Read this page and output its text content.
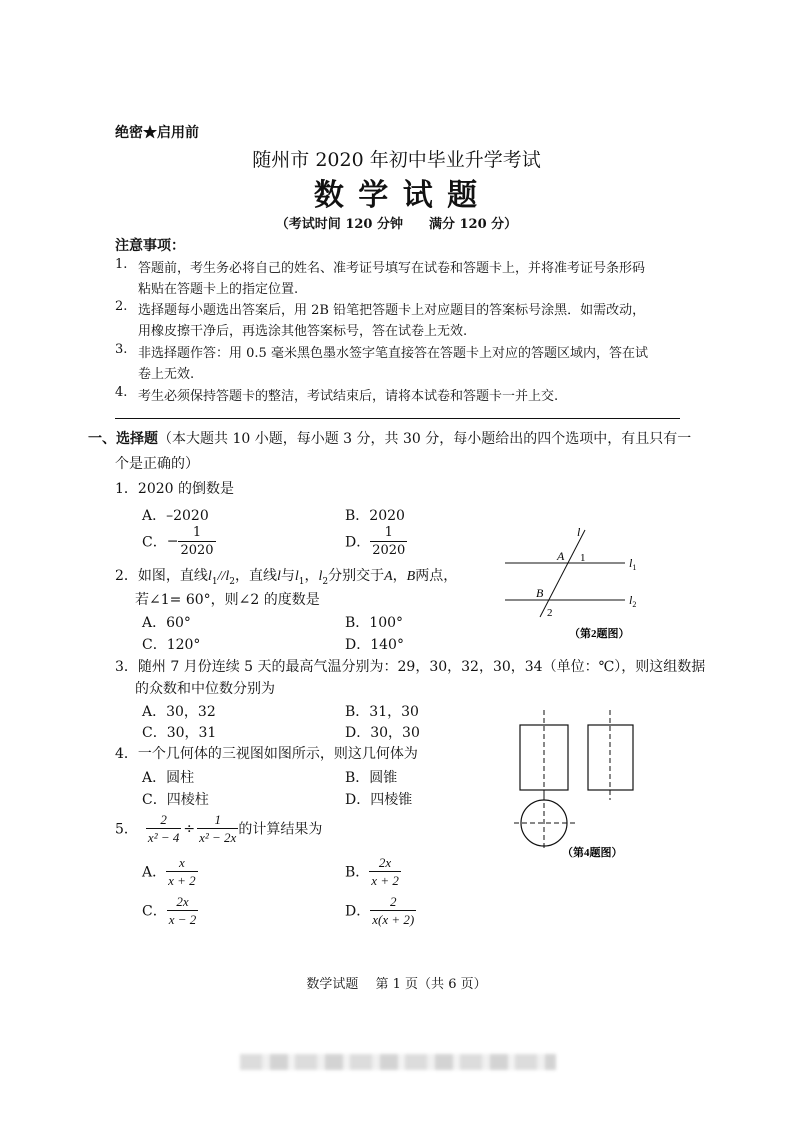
绝密★启用前
随州市 2020 年初中毕业升学考试
数 学 试 题
（考试时间 120 分钟　　满分 120 分）
注意事项：
1. 答题前，考生务必将自己的姓名、准考证号填写在试卷和答题卡上，并将准考证号条形码
粘贴在答题卡上的指定位置.
2. 选择题每小题选出答案后，用 2B 铅笔把答题卡上对应题目的答案标号涂黑．如需改动，
用橡皮擦干净后，再选涂其他答案标号，答在试卷上无效.
3. 非选择题作答：用 0.5 毫米黑色墨水签字笔直接答在答题卡上对应的答题区域内，答在试
卷上无效.
4. 考生必须保持答题卡的整洁，考试结束后，请将本试卷和答题卡一并上交.
一、选择题（本大题共 10 小题，每小题 3 分，共 30 分，每小题给出的四个选项中，有且只有一
个是正确的）
1．2020 的倒数是
A．–2020	B．2020
C．− $\frac{1}{2020}$	D． $\frac{1}{2020}$
2．如图，直线$l_1//l_2$，直线l与$l_1$，$l_2$分别交于A，B两点，
若∠1= 60°，则∠2 的度数是
A．60°	B．100°
C．120°	D．140°
l
A 1
B
2
$l_1$
$l_2$
（第2题图）
3．随州 7 月份连续 5 天的最高气温分别为：29，30，32，30，34（单位：℃），则这组数据
的众数和中位数分别为
A．30，32	B．31，30
C．30，31	D．30，30
4．一个几何体的三视图如图所示，则这几何体为
A．圆柱	B．圆锥
C．四棱柱	D．四棱锥
（第4题图）
5． $\frac{2}{\text{x² − 4}} \div \frac{1}{\text{x² − 2x}}$ 的计算结果为
A． $\frac{x}{x + 2}$	B． $\frac{2x}{x + 2}$
C． $\frac{2x}{x - 2}$	D． $\frac{2}{x(x + 2)}$
数学试题　 第 1 页（共 6 页）
